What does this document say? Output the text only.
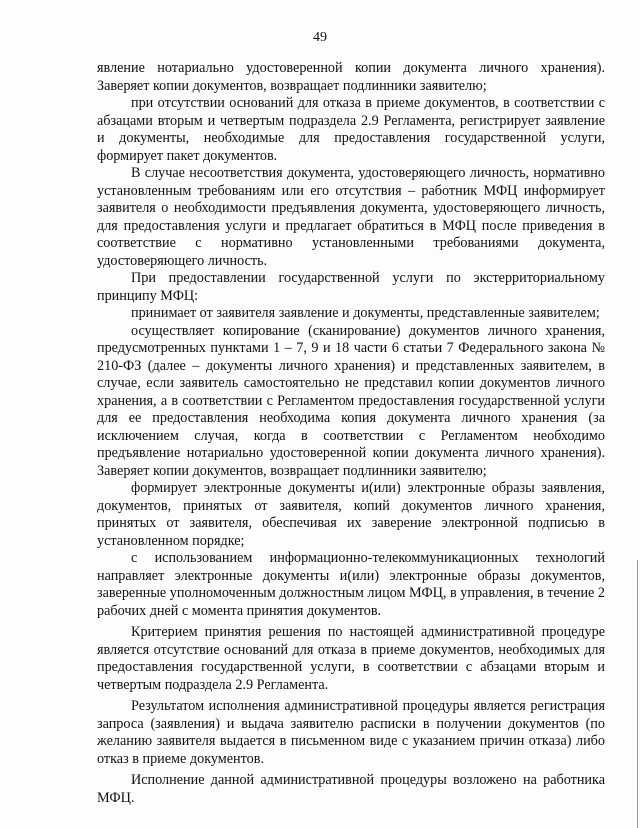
49

явление нотариально удостоверенной копии документа личного хранения). Заверяет копии документов, возвращает подлинники заявителю;

при отсутствии оснований для отказа в приеме документов, в соответствии с абзацами вторым и четвертым подраздела 2.9 Регламента, регистрирует заявление и документы, необходимые для предоставления государственной услуги, формирует пакет документов.

В случае несоответствия документа, удостоверяющего личность, нормативно установленным требованиям или его отсутствия – работник МФЦ информирует заявителя о необходимости предъявления документа, удостоверяющего личность, для предоставления услуги и предлагает обратиться в МФЦ после приведения в соответствие с нормативно установленными требованиями документа, удостоверяющего личность.

При предоставлении государственной услуги по экстерриториальному принципу МФЦ:

принимает от заявителя заявление и документы, представленные заявителем;

осуществляет копирование (сканирование) документов личного хранения, предусмотренных пунктами 1 – 7, 9 и 18 части 6 статьи 7 Федерального закона № 210-ФЗ (далее – документы личного хранения) и представленных заявителем, в случае, если заявитель самостоятельно не представил копии документов личного хранения, а в соответствии с Регламентом предоставления государственной услуги для ее предоставления необходима копия документа личного хранения (за исключением случая, когда в соответствии с Регламентом необходимо предъявление нотариально удостоверенной копии документа личного хранения). Заверяет копии документов, возвращает подлинники заявителю;

формирует электронные документы и(или) электронные образы заявления, документов, принятых от заявителя, копий документов личного хранения, принятых от заявителя, обеспечивая их заверение электронной подписью в установленном порядке;

с использованием информационно-телекоммуникационных технологий направляет электронные документы и(или) электронные образы документов, заверенные уполномоченным должностным лицом МФЦ, в управления, в течение 2 рабочих дней с момента принятия документов.

Критерием принятия решения по настоящей административной процедуре является отсутствие оснований для отказа в приеме документов, необходимых для предоставления государственной услуги, в соответствии с абзацами вторым и четвертым подраздела 2.9 Регламента.

Результатом исполнения административной процедуры является регистрация запроса (заявления) и выдача заявителю расписки в получении документов (по желанию заявителя выдается в письменном виде с указанием причин отказа) либо отказ в приеме документов.

Исполнение данной административной процедуры возложено на работника МФЦ.
